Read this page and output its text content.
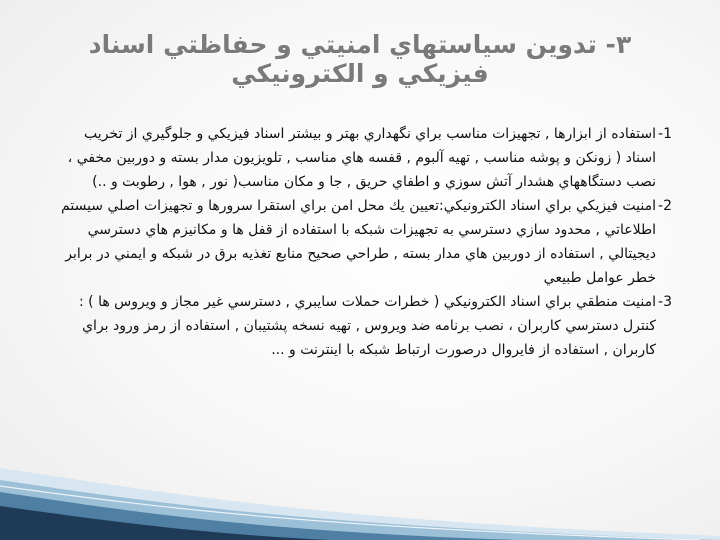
٣- تدوين سياستهاي امنيتي و حفاظتي اسناد فيزيكي و الكترونيكي
1-
استفاده از ابزارها , تجهيزات مناسب براي نگهداري بهتر و بيشتر اسناد فيزيكي و جلوگيري از تخريب اسناد ( زونكن و پوشه مناسب , تهيه آلبوم , قفسه هاي مناسب , تلويزيون مدار بسته و دوربين مخفي ، نصب دستگاههاي هشدار آتش سوزي و اطفاي حريق , جا و مكان مناسب( نور , هوا , رطوبت و ..)
2-
امنيت فيزيكي براي اسناد الكترونيكي:تعيين يك محل امن براي استقرا سرورها و تجهيزات اصلي سيستم اطلاعاتي , محدود سازي دسترسي به تجهيزات شبكه با استفاده از قفل ها و مكانيزم هاي دسترسي ديجيتالي , استفاده از دوربين هاي مدار بسته , طراحي صحيح منابع تغذيه برق در شبكه و ايمني در برابر خطر عوامل طبيعي
3-
امنيت منطقي براي اسناد الكترونيكي ( خطرات حملات سايبري , دسترسي غير مجاز و ويروس ها ) : كنترل دسترسي كاربران ، نصب برنامه ضد ويروس , تهيه نسخه پشتيبان , استفاده از رمز ورود براي كاربران , استفاده از فايروال درصورت ارتباط شبكه با اينترنت و ...
